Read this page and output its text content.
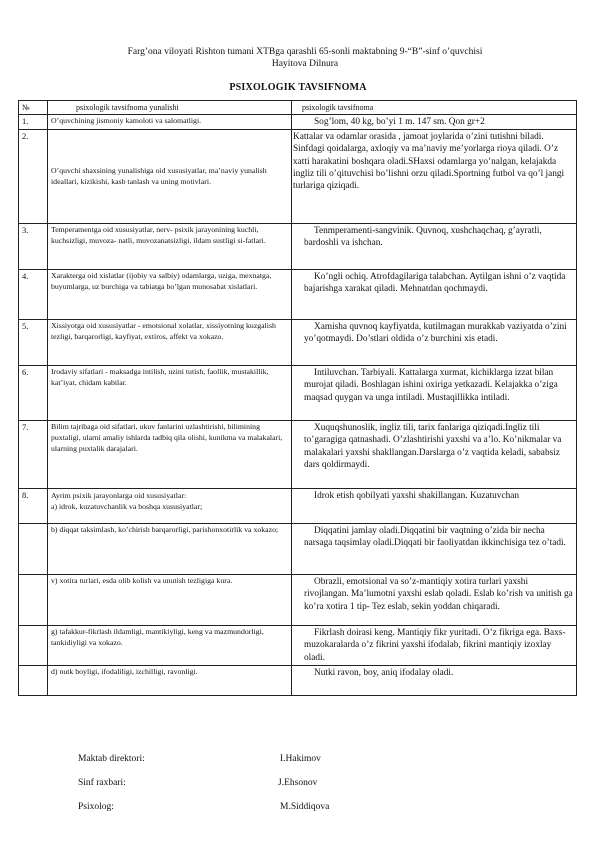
Farg’ona viloyati Rishton tumani XTBga qarashli 65-sonli maktabning 9-“B”-sinf o’quvchisi
Hayitova Dilnura
PSIXOLOGIK TAVSIFNOMA
№	psixologik tavsifnoma yunalishi	psixologik tavsifnoma
1.	O’quvchining jismoniy kamoloti va salomatligi.	Sog’lom, 40 kg, bo’yi 1 m. 147 sm. Qon gr+2
2.	O’quvchi shaxsining yunalishiga oid xususiyatlar, ma’naviy yunalish ideallari, kizikishi, kasb tanlash va uning motivlari.	Kattalar va odamlar orasida , jamoat joylarida o’zini tutishni biladi. Sinfdagi qoidalarga, axloqiy va ma’naviy me’yorlarga rioya qiladi. O’z xatti harakatini boshqara oladi.SHaxsi odamlarga yo’nalgan, kelajakda ingliz tili o’qituvchisi bo’lishni orzu qiladi.Sportning futbol va qo’l jangi turlariga qiziqadi.
3.	Temperamentga oid xususiyatlar, nerv- psixik jarayonining kuchli, kuchsizligi, muvoza- natli, muvozanatsizligi, ildam sustligi si-fatlari.	Tenmperamenti-sangvinik. Quvnoq, xushchaqchaq, g’ayratli, bardoshli va ishchan.
4.	Xarakterga oid xislatlar (ijobiy va salbiy) odamlarga, uziga, mexnatga, buyumlarga, uz burchiga va tabiatga bo’lgan munosabat xislatlari.	Ko’ngli ochiq. Atrofdagilariga talabchan. Aytilgan ishni o’z vaqtida bajarishga xarakat qiladi. Mehnatdan qochmaydi.
5.	Xissiyotga oid xususiyatlar - emotsional xolatlar, xissiyotning kuzgalish tezligi, barqarorligi, kayfiyat, extiros, affekt va xokazo.	Xamisha quvnoq kayfiyatda, kutilmagan murakkab vaziyatda o’zini yo’qotmaydi. Do’stlari oldida o’z burchini xis etadi.
6.	Irodaviy sifatlari - maksadga intilish, uzini tutish, faollik, mustakillik, kat’iyat, chidam kabilar.	Intiluvchan. Tarbiyali. Kattalarga xurmat, kichiklarga izzat bilan murojat qiladi. Boshlagan ishini oxiriga yetkazadi. Kelajakka o’ziga maqsad quygan va unga intiladi. Mustaqillikka intiladi.
7.	Bilim tajribaga oid sifatlari, ukuv fanlarini uzlashtirishi, bilimining puxtaligi, ularni amaliy ishlarda tadbiq qila olishi, kunikma va malakalari, ularning puxtalik darajalari.	Xuquqshunoslik, ingliz tili, tarix fanlariga qiziqadi.Ingliz tili to’garagiga qatnashadi. O’zlashtirishi yaxshi va a’lo. Ko’nikmalar va malakalari yaxshi shakllangan.Darslarga o’z vaqtida keladi, sababsiz dars qoldirmaydi.
8.	Ayrim psixik jarayonlarga oid xususiyatlar:
a) idrok, kuzatuvchanlik va boshqa xususiyatlar;	Idrok etish qobilyati yaxshi shakillangan. Kuzatuvchan
	b) diqqat taksimlash, ko’chirish barqarorligi, parishonxotirlik va xokazo;	Diqqatini jamlay oladi.Diqqatini bir vaqtning o’zida bir necha narsaga taqsimlay oladi.Diqqati bir faoliyatdan ikkinchisiga tez o’tadi.
	v) xotira turlari, esda olib kolish va unutish tezligiga kura.	Obrazli, emotsional va so’z-mantiqiy xotira turlari yaxshi rivojlangan. Ma’lumotni yaxshi eslab qoladi. Eslab ko’rish va unitish ga ko’ra xotira 1 tip- Tez eslab, sekin yoddan chiqaradi.
	g) tafakkur-fikrlash ildamligi, mantikiyligi, keng va mazmundorligi, tankidiyligi va xokazo.	Fikrlash doirasi keng. Mantiqiy fikr yuritadi. O’z fikriga ega. Baxs-muzokaralarda o’z fikrini yaxshi ifodalab, fikrini mantiqiy izoxlay oladi.
	d) nutk boyligi, ifodaliligi, izchilligi, ravonligi.	Nutki ravon, boy, aniq ifodalay oladi.
Maktab direktori:	I.Hakimov
Sinf raxbari:	J.Ehsonov
Psixolog:	M.Siddiqova
